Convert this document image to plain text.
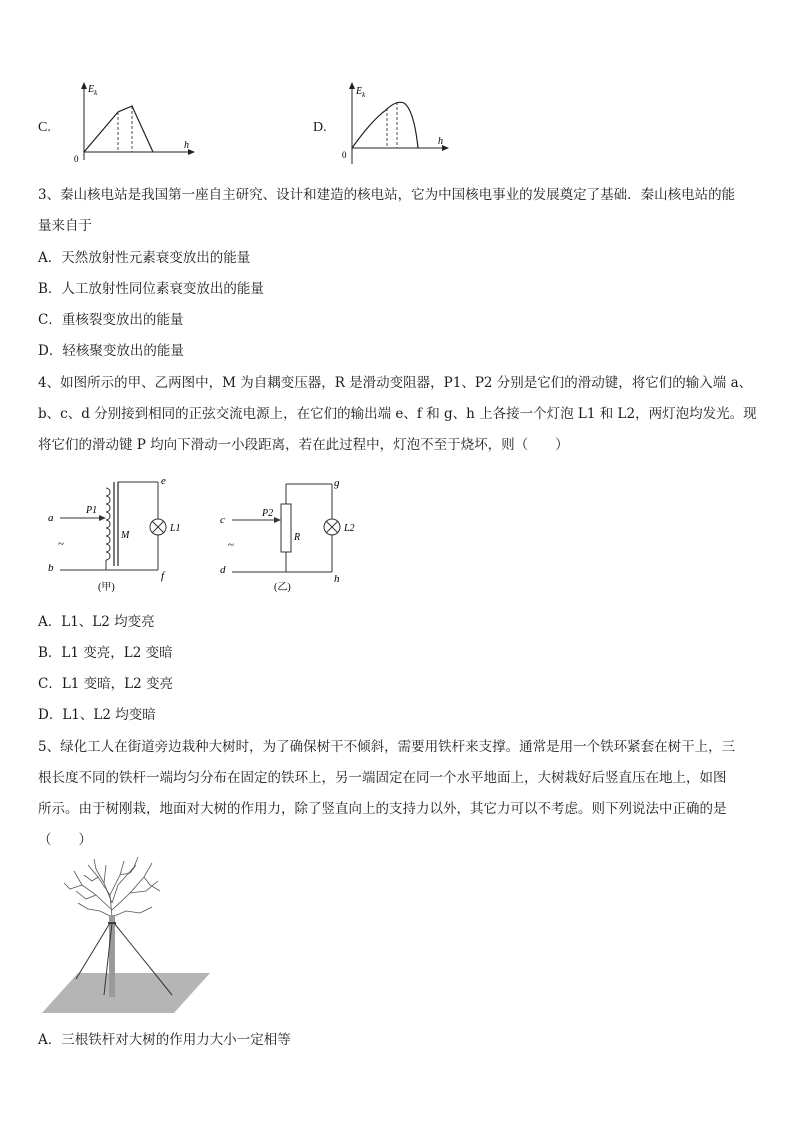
C.
$E_k$
h
0
D.
$E_k$
h
0
3、秦山核电站是我国第一座自主研究、设计和建造的核电站，它为中国核电事业的发展奠定了基础．秦山核电站的能
量来自于
A．天然放射性元素衰变放出的能量
B．人工放射性同位素衰变放出的能量
C．重核裂变放出的能量
D．轻核聚变放出的能量
4、如图所示的甲、乙两图中，M 为自耦变压器，R 是滑动变阻器，P1、P2 分别是它们的滑动键，将它们的输入端 a、
b、c、d 分别接到相同的正弦交流电源上，在它们的输出端 e、f 和 g、h 上各接一个灯泡 L1 和 L2，两灯泡均发光。现
将它们的滑动键 P 均向下滑动一小段距离，若在此过程中，灯泡不至于烧坏，则（　　）
a
b
e
f
P1
M
L1
~
(甲)
c
d
g
h
P2
R
L2
~
(乙)
A．L1、L2 均变亮
B．L1 变亮，L2 变暗
C．L1 变暗，L2 变亮
D．L1、L2 均变暗
5、绿化工人在街道旁边栽种大树时，为了确保树干不倾斜，需要用铁杆来支撑。通常是用一个铁环紧套在树干上，三
根长度不同的铁杆一端均匀分布在固定的铁环上，另一端固定在同一个水平地面上，大树栽好后竖直压在地上，如图
所示。由于树刚栽，地面对大树的作用力，除了竖直向上的支持力以外，其它力可以不考虑。则下列说法中正确的是
（　　）
A．三根铁杆对大树的作用力大小一定相等
